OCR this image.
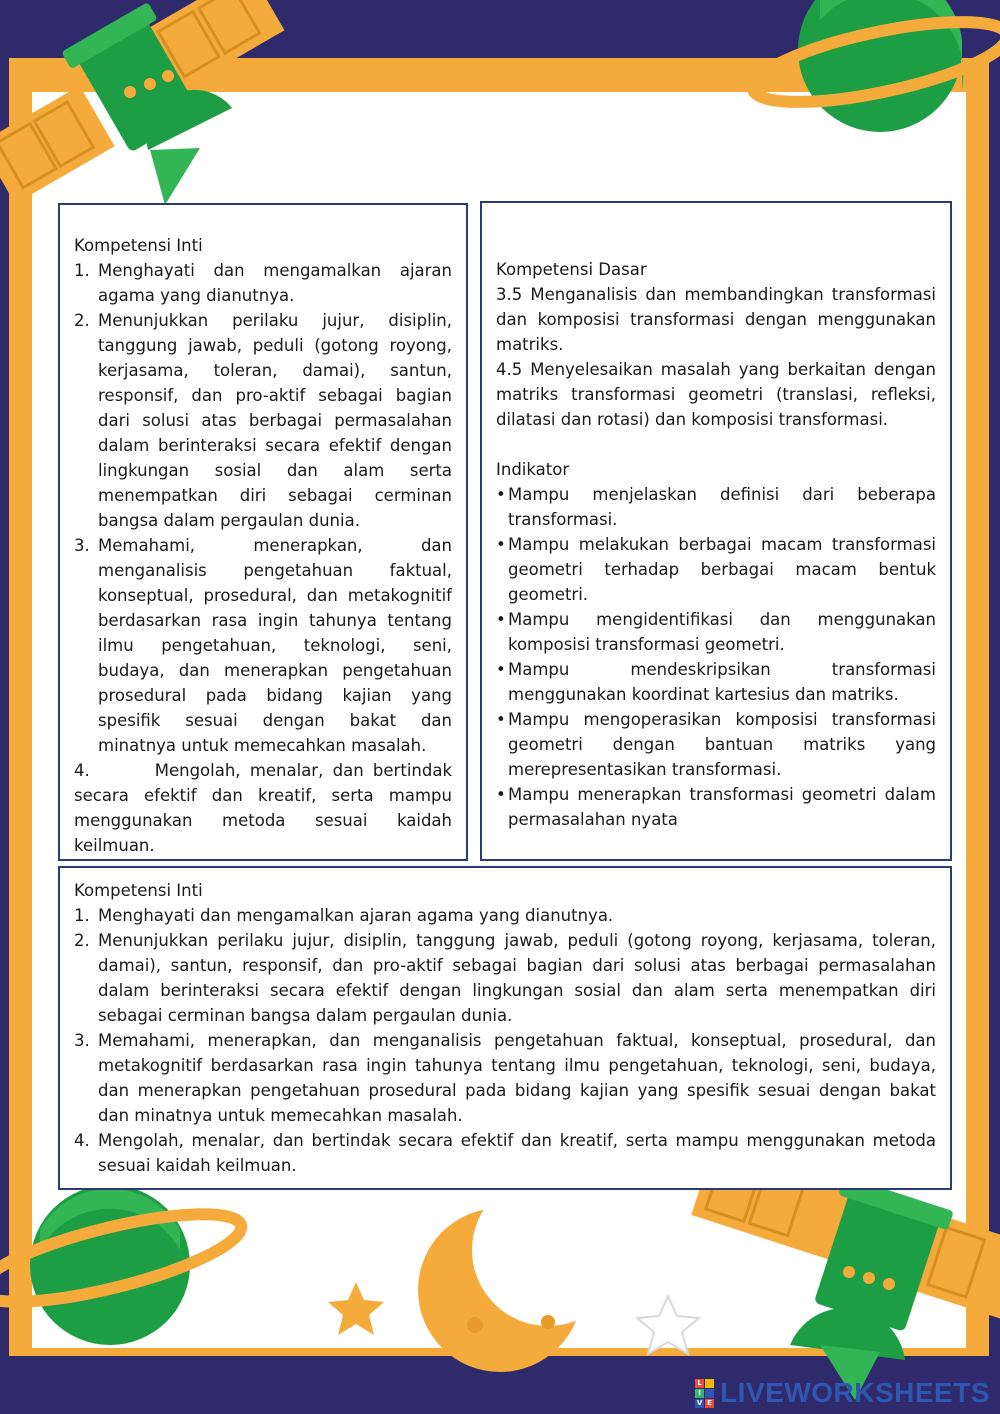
Kompetensi Inti

1. Menghayati dan mengamalkan ajaran agama yang dianutnya.
2. Menunjukkan perilaku jujur, disiplin, tanggung jawab, peduli (gotong royong, kerjasama, toleran, damai), santun, responsif, dan pro-aktif sebagai bagian dari solusi atas berbagai permasalahan dalam berinteraksi secara efektif dengan lingkungan sosial dan alam serta menempatkan diri sebagai cerminan bangsa dalam pergaulan dunia.
3. Memahami, menerapkan, dan menganalisis pengetahuan faktual, konseptual, prosedural, dan metakognitif berdasarkan rasa ingin tahunya tentang ilmu pengetahuan, teknologi, seni, budaya, dan menerapkan pengetahuan prosedural pada bidang kajian yang spesifik sesuai dengan bakat dan minatnya untuk memecahkan masalah.

4.       Mengolah, menalar, dan bertindak secara efektif dan kreatif, serta mampu menggunakan metoda sesuai kaidah keilmuan.

Kompetensi Dasar

3.5 Menganalisis dan membandingkan transformasi dan komposisi transformasi dengan menggunakan matriks.

4.5 Menyelesaikan masalah yang berkaitan dengan matriks transformasi geometri (translasi, refleksi, dilatasi dan rotasi) dan komposisi transformasi.

Indikator

• Mampu menjelaskan definisi dari beberapa transformasi.
• Mampu melakukan berbagai macam transformasi geometri terhadap berbagai macam bentuk geometri.
• Mampu mengidentifikasi dan menggunakan komposisi transformasi geometri.
• Mampu mendeskripsikan transformasi menggunakan koordinat kartesius dan matriks.
• Mampu mengoperasikan komposisi transformasi geometri dengan bantuan matriks yang merepresentasikan transformasi.
• Mampu menerapkan transformasi geometri dalam permasalahan nyata

Kompetensi Inti

1. Menghayati dan mengamalkan ajaran agama yang dianutnya.
2. Menunjukkan perilaku jujur, disiplin, tanggung jawab, peduli (gotong royong, kerjasama, toleran, damai), santun, responsif, dan pro-aktif sebagai bagian dari solusi atas berbagai permasalahan dalam berinteraksi secara efektif dengan lingkungan sosial dan alam serta menempatkan diri sebagai cerminan bangsa dalam pergaulan dunia.
3. Memahami, menerapkan, dan menganalisis pengetahuan faktual, konseptual, prosedural, dan metakognitif berdasarkan rasa ingin tahunya tentang ilmu pengetahuan, teknologi, seni, budaya, dan menerapkan pengetahuan prosedural pada bidang kajian yang spesifik sesuai dengan bakat dan minatnya untuk memecahkan masalah.
4. Mengolah, menalar, dan bertindak secara efektif dan kreatif, serta mampu menggunakan metoda sesuai kaidah keilmuan.
L
I
V E LIVEWORKSHEETS
